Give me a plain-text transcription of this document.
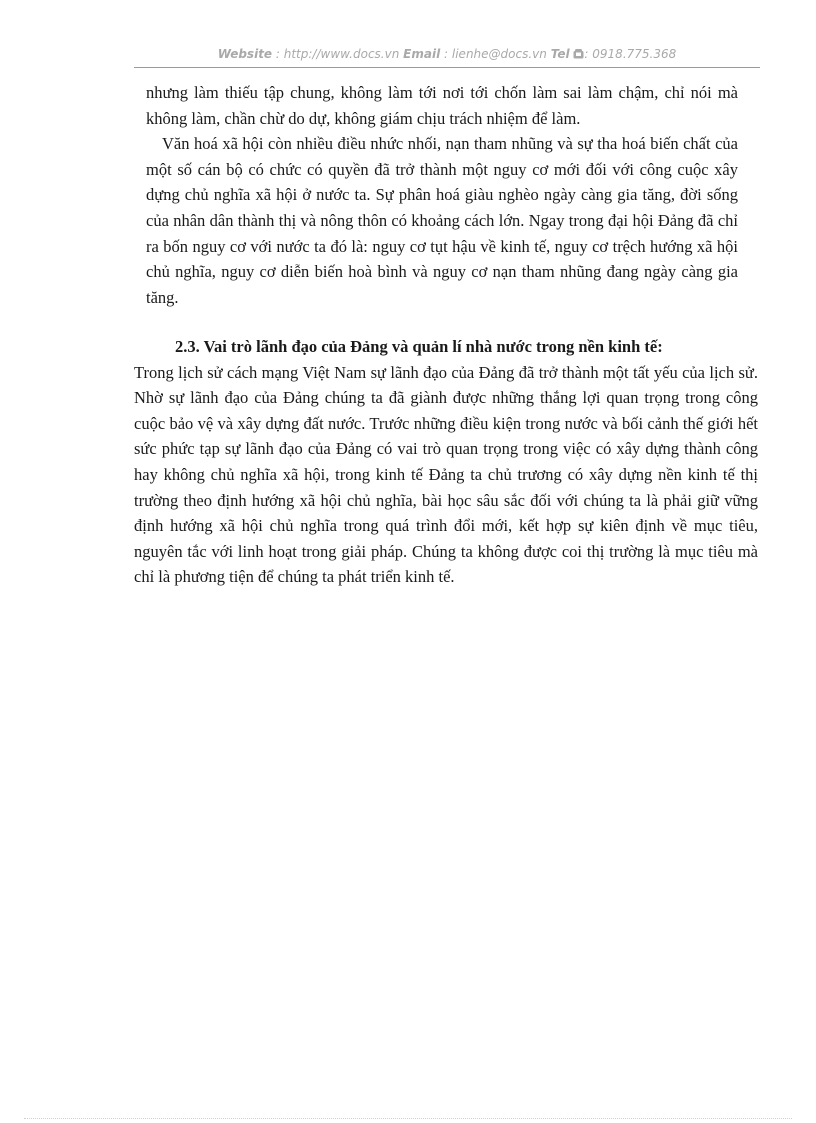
Website : http://www.docs.vn Email : lienhe@docs.vn Tel : 0918.775.368

nhưng làm thiếu tập chung, không làm tới nơi tới chốn làm sai làm chậm, chỉ nói mà không làm, chần chừ do dự, không giám chịu trách nhiệm để làm.

Văn hoá xã hội còn nhiều điều nhức nhối, nạn tham nhũng và sự tha hoá biến chất của một số cán bộ có chức có quyền đã trở thành một nguy cơ mới đối với công cuộc xây dựng chủ nghĩa xã hội ở nước ta. Sự phân hoá giàu nghèo ngày càng gia tăng, đời sống của nhân dân thành thị và nông thôn có khoảng cách lớn. Ngay trong đại hội Đảng đã chỉ ra bốn nguy cơ với nước ta đó là: nguy cơ tụt hậu về kinh tế, nguy cơ trệch hướng xã hội chủ nghĩa, nguy cơ diễn biến hoà bình và nguy cơ nạn tham nhũng đang ngày càng gia tăng.

2.3. Vai trò lãnh đạo của Đảng và quản lí nhà nước trong nền kinh tế:

Trong lịch sử cách mạng Việt Nam sự lãnh đạo của Đảng đã trở thành một tất yếu của lịch sử. Nhờ sự lãnh đạo của Đảng chúng ta đã giành được những thắng lợi quan trọng trong công cuộc bảo vệ và xây dựng đất nước. Trước những điều kiện trong nước và bối cảnh thế giới hết sức phức tạp sự lãnh đạo của Đảng có vai trò quan trọng trong việc có xây dựng thành công hay không chủ nghĩa xã hội, trong kinh tế Đảng ta chủ trương có xây dựng nền kinh tế thị trường theo định hướng xã hội chủ nghĩa, bài học sâu sắc đối với chúng ta là phải giữ vững định hướng xã hội chủ nghĩa trong quá trình đổi mới, kết hợp sự kiên định về mục tiêu, nguyên tắc với linh hoạt trong giải pháp. Chúng ta không được coi thị trường là mục tiêu mà chỉ là phương tiện để chúng ta phát triển kinh tế.
